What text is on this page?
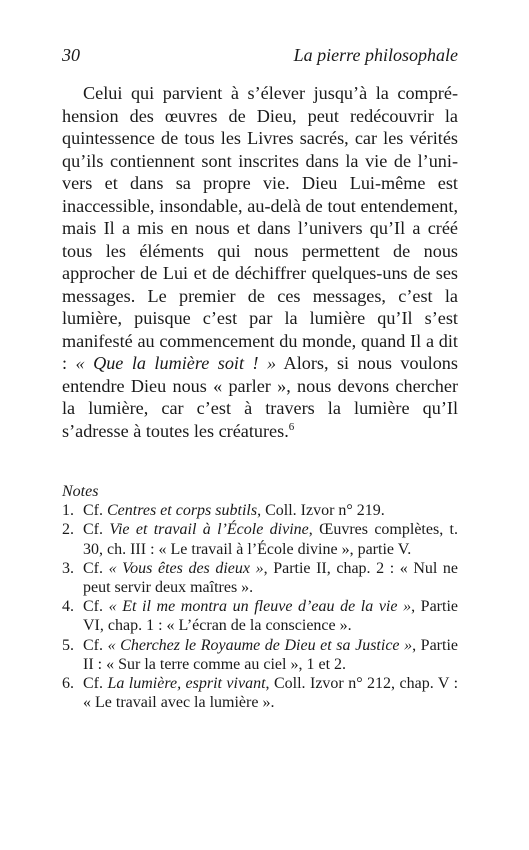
30	La pierre philosophale

Celui qui parvient à s’élever jusqu’à la compréhension des œuvres de Dieu, peut redécouvrir la quintessence de tous les Livres sacrés, car les vérités qu’ils contiennent sont inscrites dans la vie de l’univers et dans sa propre vie. Dieu Lui-même est inaccessible, insondable, au-delà de tout entendement, mais Il a mis en nous et dans l’univers qu’Il a créé tous les éléments qui nous permettent de nous approcher de Lui et de déchiffrer quelques-uns de ses messages. Le premier de ces messages, c’est la lumière, puisque c’est par la lumière qu’Il s’est manifesté au commencement du monde, quand Il a dit : « Que la lumière soit ! » Alors, si nous voulons entendre Dieu nous « parler », nous devons chercher la lumière, car c’est à travers la lumière qu’Il s’adresse à toutes les créatures.$^6$

Notes

1. Cf. Centres et corps subtils, Coll. Izvor n° 219.
2. Cf. Vie et travail à l’École divine, Œuvres complètes, t. 30, ch. III : « Le travail à l’École divine », partie V.
3. Cf. « Vous êtes des dieux », Partie II, chap. 2 : « Nul ne peut servir deux maîtres ».
4. Cf. « Et il me montra un fleuve d’eau de la vie », Partie VI, chap. 1 : « L’écran de la conscience ».
5. Cf. « Cherchez le Royaume de Dieu et sa Justice », Partie II : « Sur la terre comme au ciel », 1 et 2.
6. Cf. La lumière, esprit vivant, Coll. Izvor n° 212, chap. V : « Le travail avec la lumière ».
